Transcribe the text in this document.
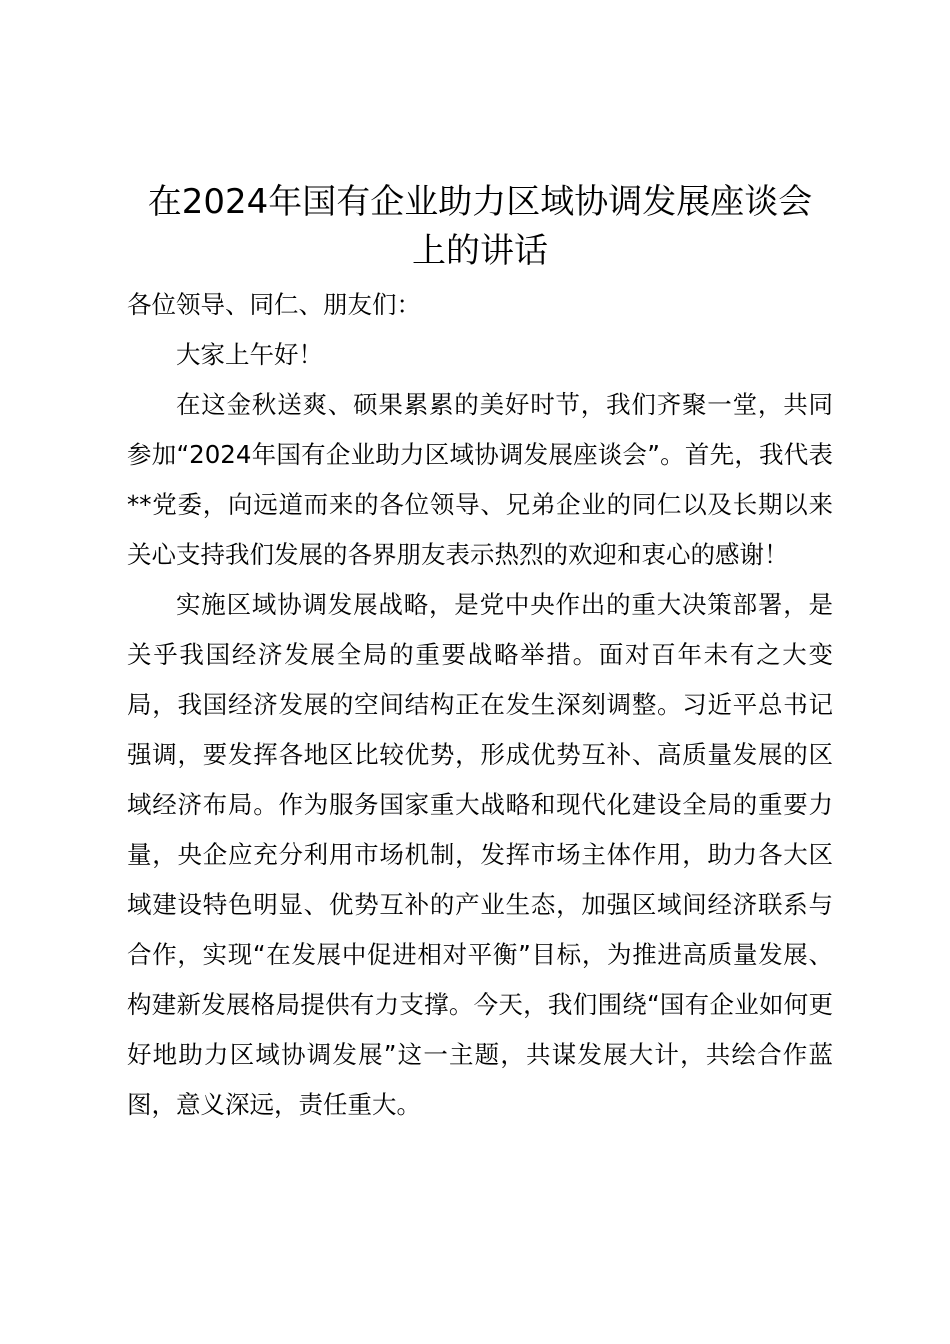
在2024年国有企业助力区域协调发展座谈会
上的讲话

各位领导、同仁、朋友们：

大家上午好！

在这金秋送爽、硕果累累的美好时节，我们齐聚一堂，共同参加“2024年国有企业助力区域协调发展座谈会”。首先，我代表**党委，向远道而来的各位领导、兄弟企业的同仁以及长期以来关心支持我们发展的各界朋友表示热烈的欢迎和衷心的感谢！

实施区域协调发展战略，是党中央作出的重大决策部署，是关乎我国经济发展全局的重要战略举措。面对百年未有之大变局，我国经济发展的空间结构正在发生深刻调整。习近平总书记强调，要发挥各地区比较优势，形成优势互补、高质量发展的区域经济布局。作为服务国家重大战略和现代化建设全局的重要力量，央企应充分利用市场机制，发挥市场主体作用，助力各大区域建设特色明显、优势互补的产业生态，加强区域间经济联系与合作，实现“在发展中促进相对平衡”目标，为推进高质量发展、构建新发展格局提供有力支撑。今天，我们围绕“国有企业如何更好地助力区域协调发展”这一主题，共谋发展大计，共绘合作蓝图，意义深远，责任重大。
